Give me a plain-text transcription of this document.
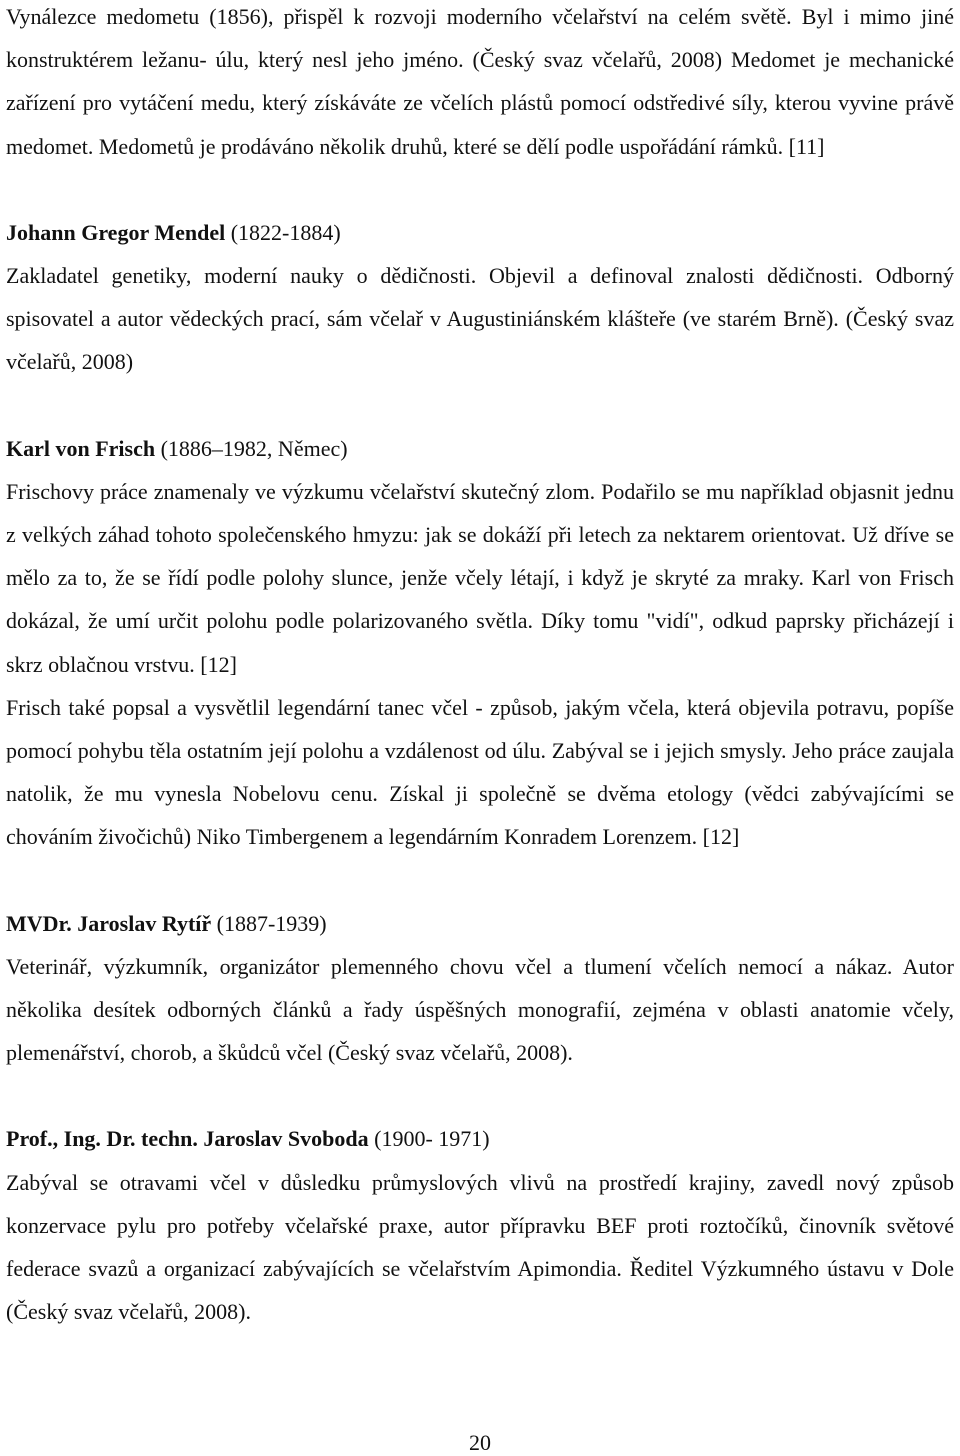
Vynálezce medometu (1856), přispěl k rozvoji moderního včelařství na celém světě. Byl i mimo jiné konstruktérem ležanu- úlu, který nesl jeho jméno. (Český svaz včelařů, 2008) Medomet je mechanické zařízení pro vytáčení medu, který získáváte ze včelích plástů pomocí odstředivé síly, kterou vyvine právě medomet. Medometů je prodáváno několik druhů, které se dělí podle uspořádání rámků. [11]

Johann Gregor Mendel (1822-1884)

Zakladatel genetiky, moderní nauky o dědičnosti. Objevil a definoval znalosti dědičnosti. Odborný spisovatel a autor vědeckých prací, sám včelař v Augustiniánském klášteře (ve starém Brně). (Český svaz včelařů, 2008)

Karl von Frisch (1886–1982, Němec)

Frischovy práce znamenaly ve výzkumu včelařství skutečný zlom. Podařilo se mu například objasnit jednu z velkých záhad tohoto společenského hmyzu: jak se dokáží při letech za nektarem orientovat. Už dříve se mělo za to, že se řídí podle polohy slunce, jenže včely létají, i když je skryté za mraky. Karl von Frisch dokázal, že umí určit polohu podle polarizovaného světla. Díky tomu "vidí", odkud paprsky přicházejí i skrz oblačnou vrstvu. [12]

Frisch také popsal a vysvětlil legendární tanec včel - způsob, jakým včela, která objevila potravu, popíše pomocí pohybu těla ostatním její polohu a vzdálenost od úlu. Zabýval se i jejich smysly. Jeho práce zaujala natolik, že mu vynesla Nobelovu cenu. Získal ji společně se dvěma etology (vědci zabývajícími se chováním živočichů) Niko Timbergenem a legendárním Konradem Lorenzem. [12]

MVDr. Jaroslav Rytíř (1887-1939)

Veterinář, výzkumník, organizátor plemenného chovu včel a tlumení včelích nemocí a nákaz. Autor několika desítek odborných článků a řady úspěšných monografií, zejména v oblasti anatomie včely, plemenářství, chorob, a škůdců včel (Český svaz včelařů, 2008).

Prof., Ing. Dr. techn. Jaroslav Svoboda (1900- 1971)

Zabýval se otravami včel v důsledku průmyslových vlivů na prostředí krajiny, zavedl nový způsob konzervace pylu pro potřeby včelařské praxe, autor přípravku BEF proti roztočíků, činovník světové federace svazů a organizací zabývajících se včelařstvím Apimondia. Ředitel Výzkumného ústavu v Dole (Český svaz včelařů, 2008).

20
